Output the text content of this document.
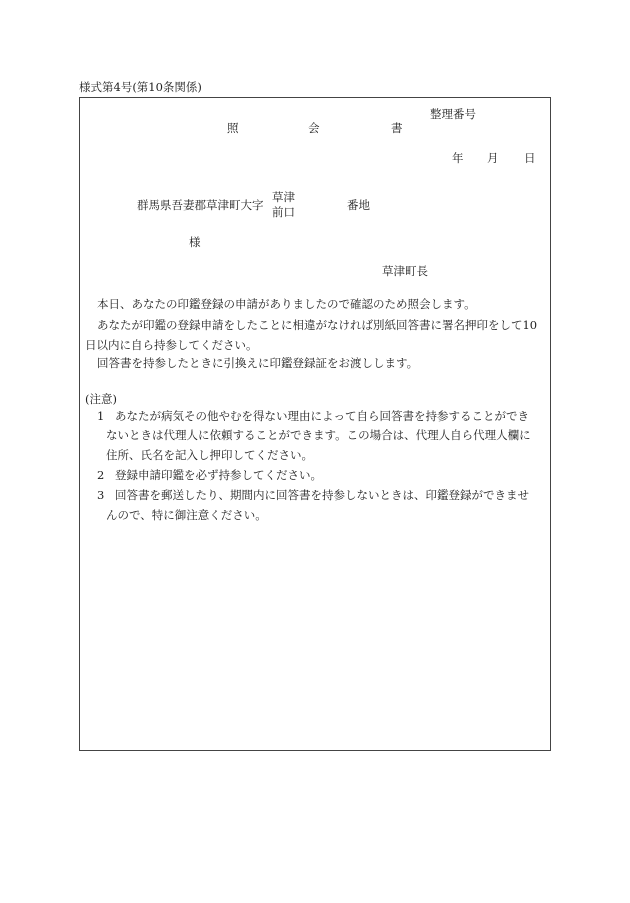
様式第4号(第10条関係)
整理番号
照	会	書
年 月 日
群馬県吾妻郡草津町大字
草津
前口	番地
様
草津町長
本日、あなたの印鑑登録の申請がありましたので確認のため照会します。
あなたが印鑑の登録申請をしたことに相違がなければ別紙回答書に署名押印をして10
日以内に自ら持参してください。
回答書を持参したときに引換えに印鑑登録証をお渡しします。
(注意)
1 あなたが病気その他やむを得ない理由によって自ら回答書を持参することができ
ないときは代理人に依頼することができます。この場合は、代理人自ら代理人欄に
住所、氏名を記入し押印してください。
2 登録申請印鑑を必ず持参してください。
3 回答書を郵送したり、期間内に回答書を持参しないときは、印鑑登録ができませ
んので、特に御注意ください。
